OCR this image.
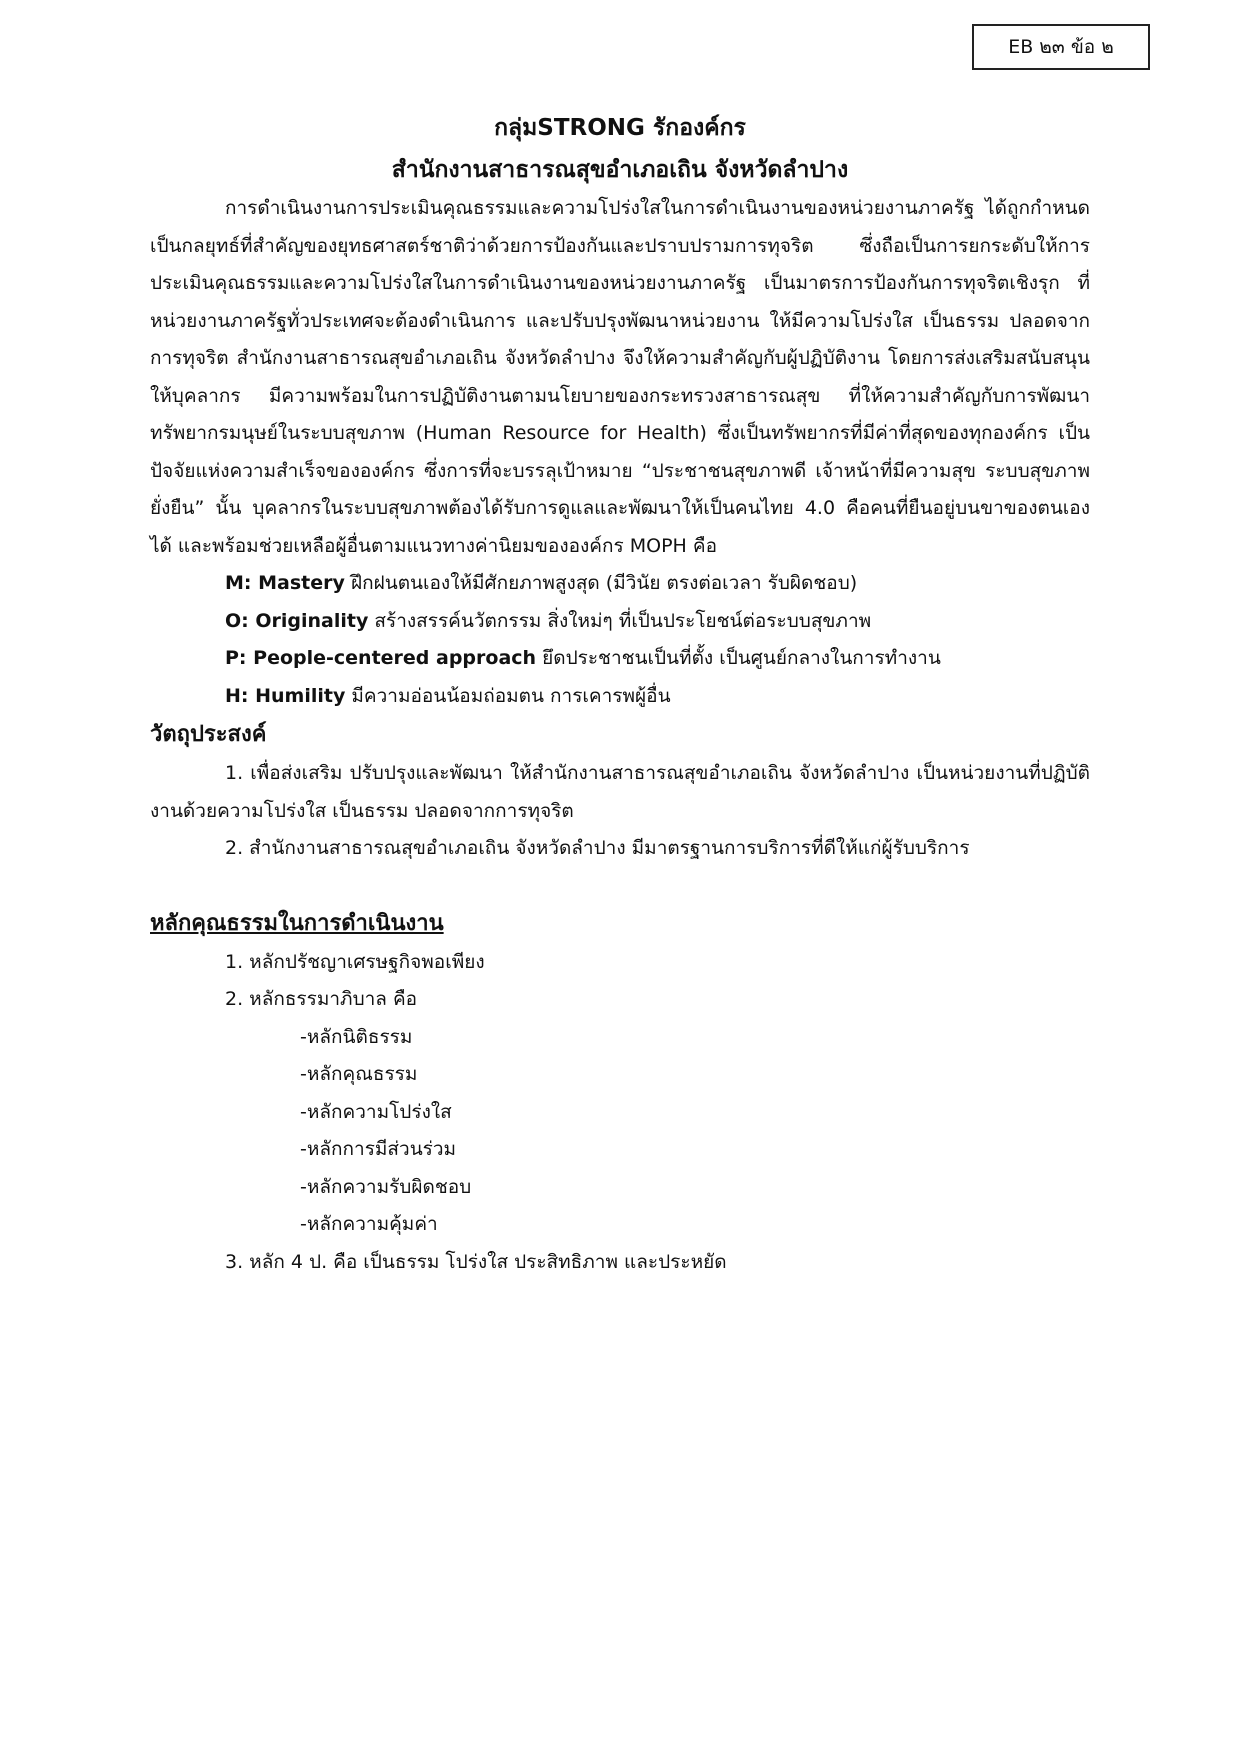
EB ๒๓ ข้อ ๒
กลุ่มSTRONG รักองค์กร
สำนักงานสาธารณสุขอำเภอเถิน จังหวัดลำปาง

การดำเนินงานการประเมินคุณธรรมและความโปร่งใสในการดำเนินงานของหน่วยงานภาครัฐ ได้ถูกกำหนดเป็นกลยุทธ์ที่สำคัญของยุทธศาสตร์ชาติว่าด้วยการป้องกันและปราบปรามการทุจริต ซึ่งถือเป็นการยกระดับให้การประเมินคุณธรรมและความโปร่งใสในการดำเนินงานของหน่วยงานภาครัฐ เป็นมาตรการป้องกันการทุจริตเชิงรุก ที่หน่วยงานภาครัฐทั่วประเทศจะต้องดำเนินการ และปรับปรุงพัฒนาหน่วยงาน ให้มีความโปร่งใส เป็นธรรม ปลอดจากการทุจริต สำนักงานสาธารณสุขอำเภอเถิน จังหวัดลำปาง จึงให้ความสำคัญกับผู้ปฏิบัติงาน โดยการส่งเสริมสนับสนุนให้บุคลากร มีความพร้อมในการปฏิบัติงานตามนโยบายของกระทรวงสาธารณสุข ที่ให้ความสำคัญกับการพัฒนาทรัพยากรมนุษย์ในระบบสุขภาพ (Human Resource for Health) ซึ่งเป็นทรัพยากรที่มีค่าที่สุดของทุกองค์กร เป็นปัจจัยแห่งความสำเร็จขององค์กร ซึ่งการที่จะบรรลุเป้าหมาย “ประชาชนสุขภาพดี เจ้าหน้าที่มีความสุข ระบบสุขภาพยั่งยืน” นั้น บุคลากรในระบบสุขภาพต้องได้รับการดูแลและพัฒนาให้เป็นคนไทย 4.0 คือคนที่ยืนอยู่บนขาของตนเองได้ และพร้อมช่วยเหลือผู้อื่นตามแนวทางค่านิยมขององค์กร MOPH คือ

M: Mastery ฝึกฝนตนเองให้มีศักยภาพสูงสุด (มีวินัย ตรงต่อเวลา รับผิดชอบ)

O: Originality สร้างสรรค์นวัตกรรม สิ่งใหม่ๆ ที่เป็นประโยชน์ต่อระบบสุขภาพ

P: People-centered approach ยึดประชาชนเป็นที่ตั้ง เป็นศูนย์กลางในการทำงาน

H: Humility มีความอ่อนน้อมถ่อมตน การเคารพผู้อื่น

วัตถุประสงค์

1. เพื่อส่งเสริม ปรับปรุงและพัฒนา ให้สำนักงานสาธารณสุขอำเภอเถิน จังหวัดลำปาง เป็นหน่วยงานที่ปฏิบัติงานด้วยความโปร่งใส เป็นธรรม ปลอดจากการทุจริต

2. สำนักงานสาธารณสุขอำเภอเถิน จังหวัดลำปาง มีมาตรฐานการบริการที่ดีให้แก่ผู้รับบริการ

หลักคุณธรรมในการดำเนินงาน

1. หลักปรัชญาเศรษฐกิจพอเพียง

2. หลักธรรมาภิบาล คือ

-หลักนิติธรรม

-หลักคุณธรรม

-หลักความโปร่งใส

-หลักการมีส่วนร่วม

-หลักความรับผิดชอบ

-หลักความคุ้มค่า

3. หลัก 4 ป. คือ เป็นธรรม โปร่งใส ประสิทธิภาพ และประหยัด
